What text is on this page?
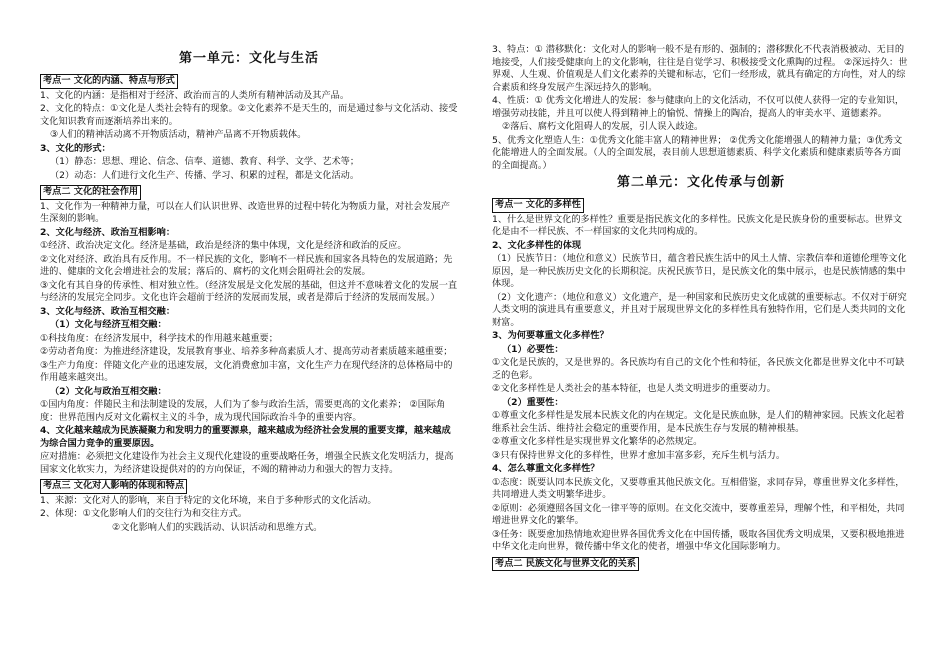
第一单元：文化与生活
考点一 文化的内涵、特点与形式

1、文化的内涵：是指相对于经济、政治而言的人类所有精神活动及其产品。

2、文化的特点：①文化是人类社会特有的现象。②文化素养不是天生的，而是通过参与文化活动、接受文化知识教育而逐渐培养出来的。

③人们的精神活动离不开物质活动，精神产品离不开物质载体。

3、文化的形式：

（1）静态：思想、理论、信念、信奉、道德、教育、科学、文学、艺术等；

（2）动态：人们进行文化生产、传播、学习、积累的过程，都是文化活动。

考点二 文化的社会作用

1、文化作为一种精神力量，可以在人们认识世界、改造世界的过程中转化为物质力量，对社会发展产生深刻的影响。

2、文化与经济、政治互相影响：

①经济、政治决定文化。经济是基础，政治是经济的集中体现，文化是经济和政治的反应。

②文化对经济、政治具有反作用。不一样民族的文化，影响不一样民族和国家各具特色的发展道路；先进的、健康的文化会增进社会的发展；落后的、腐朽的文化则会阻碍社会的发展。

③文化有其自身的传承性、相对独立性。（经济发展是文化发展的基础，但这并不意味着文化的发展一直与经济的发展完全同步。文化也许会超前于经济的发展而发展，或者是滞后于经济的发展而发展。）

3、文化与经济、政治互相交融：

（1）文化与经济互相交融：

①科技角度：在经济发展中，科学技术的作用越来越重要；

②劳动者角度：为推进经济建设，发展教育事业、培养多种高素质人才、提高劳动者素质越来越重要；

③生产力角度：伴随文化产业的迅速发展，文化消费愈加丰富，文化生产力在现代经济的总体格局中的作用越来越突出。

（2）文化与政治互相交融：

①国内角度：伴随民主和法制建设的发展，人们为了参与政治生活，需要更高的文化素养； ②国际角度：世界范围内反对文化霸权主义的斗争，成为现代国际政治斗争的重要内容。

4、文化越来越成为民族凝聚力和发明力的重要源泉，越来越成为经济社会发展的重要支撑，越来越成为综合国力竞争的重要原因。

应对措施：必须把文化建设作为社会主义现代化建设的重要战略任务，增强全民族文化发明活力，提高国家文化软实力，为经济建设提供对的的方向保证，不竭的精神动力和强大的智力支持。

考点三 文化对人影响的体现和特点

1、来源：文化对人的影响，来自于特定的文化环境，来自于多种形式的文化活动。

2、体现：①文化影响人们的交往行为和交往方式。

②文化影响人们的实践活动、认识活动和思维方式。

3、特点：① 潜移默化：文化对人的影响一般不是有形的、强制的；潜移默化不代表消极被动、无目的地接受，人们接受健康向上的文化影响，往往是自觉学习、积极接受文化熏陶的过程。 ②深远持久：世界观、人生观、价值观是人们文化素养的关键和标志，它们一经形成，就具有确定的方向性，对人的综合素质和终身发展产生深远持久的影响。

4、性质：① 优秀文化增进人的发展：参与健康向上的文化活动，不仅可以使人获得一定的专业知识，增强劳动技能，并且可以使人得到精神上的愉悦、情操上的陶冶，提高人的审美水平、道德素养。

②落后、腐朽文化阻碍人的发展，引人误入歧途。

5、优秀文化塑造人生：①优秀文化能丰富人的精神世界； ②优秀文化能增强人的精神力量；③优秀文化能增进人的全面发展。（人的全面发展，表目前人思想道德素质、科学文化素质和健康素质等各方面的全面提高。）

第二单元：文化传承与创新
考点一 文化的多样性

1、什么是世界文化的多样性？重要是指民族文化的多样性。民族文化是民族身份的重要标志。世界文化是由不一样民族、不一样国家的文化共同构成的。

2、文化多样性的体现

（1）民族节日：（地位和意义）民族节日，蕴含着民族生活中的风土人情、宗教信奉和道德伦理等文化原因，是一种民族历史文化的长期积淀。庆祝民族节日，是民族文化的集中展示，也是民族情感的集中体现。

（2）文化遗产：（地位和意义）文化遗产，是一种国家和民族历史文化成就的重要标志。不仅对于研究人类文明的演进具有重要意义，并且对于展现世界文化的多样性具有独特作用，它们是人类共同的文化财富。

3、为何要尊重文化多样性？

（1）必要性：

①文化是民族的，又是世界的。各民族均有自己的文化个性和特征，各民族文化都是世界文化中不可缺乏的色彩。

②文化多样性是人类社会的基本特征，也是人类文明进步的重要动力。

（2）重要性：

①尊重文化多样性是发展本民族文化的内在规定。文化是民族血脉，是人们的精神家园。民族文化起着维系社会生活、维持社会稳定的重要作用，是本民族生存与发展的精神根基。

②尊重文化多样性是实现世界文化繁华的必然规定。

③只有保持世界文化的多样性，世界才愈加丰富多彩，充斥生机与活力。

4、怎么尊重文化多样性？

①态度：既要认同本民族文化，又要尊重其他民族文化。互相借鉴，求同存异，尊重世界文化多样性，共同增进人类文明繁华进步。

②原则：必须遵照各国文化一律平等的原则。在文化交流中，要尊重差异，理解个性，和平相处，共同增进世界文化的繁华。

③任务：既要愈加热情地欢迎世界各国优秀文化在中国传播，吸取各国优秀文明成果，又要积极地推进中华文化走向世界，微传播中华文化的使者，增强中华文化国际影响力。

考点二 民族文化与世界文化的关系
